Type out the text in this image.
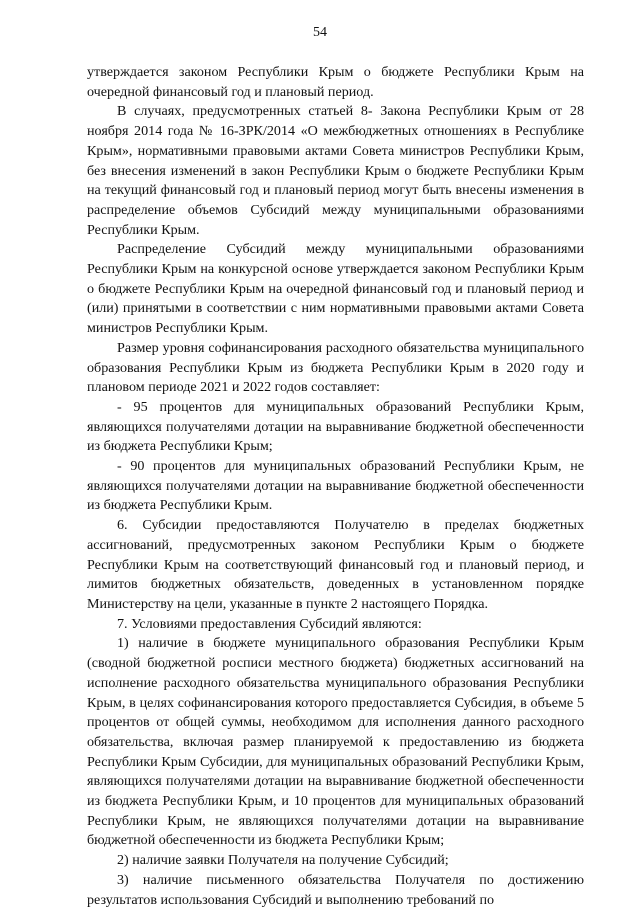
54

утверждается законом Республики Крым о бюджете Республики Крым на очередной финансовый год и плановый период.

В случаях, предусмотренных статьей 8- Закона Республики Крым от 28 ноября 2014 года № 16-ЗРК/2014 «О межбюджетных отношениях в Республике Крым», нормативными правовыми актами Совета министров Республики Крым, без внесения изменений в закон Республики Крым о бюджете Республики Крым на текущий финансовый год и плановый период могут быть внесены изменения в распределение объемов Субсидий между муниципальными образованиями Республики Крым.

Распределение Субсидий между муниципальными образованиями Республики Крым на конкурсной основе утверждается законом Республики Крым о бюджете Республики Крым на очередной финансовый год и плановый период и (или) принятыми в соответствии с ним нормативными правовыми актами Совета министров Республики Крым.

Размер уровня софинансирования расходного обязательства муниципального образования Республики Крым из бюджета Республики Крым в 2020 году и плановом периоде 2021 и 2022 годов составляет:

- 95 процентов для муниципальных образований Республики Крым, являющихся получателями дотации на выравнивание бюджетной обеспеченности из бюджета Республики Крым;

- 90 процентов для муниципальных образований Республики Крым, не являющихся получателями дотации на выравнивание бюджетной обеспеченности из бюджета Республики Крым.

6. Субсидии предоставляются Получателю в пределах бюджетных ассигнований, предусмотренных законом Республики Крым о бюджете Республики Крым на соответствующий финансовый год и плановый период, и лимитов бюджетных обязательств, доведенных в установленном порядке Министерству на цели, указанные в пункте 2 настоящего Порядка.

7. Условиями предоставления Субсидий являются:

1) наличие в бюджете муниципального образования Республики Крым (сводной бюджетной росписи местного бюджета) бюджетных ассигнований на исполнение расходного обязательства муниципального образования Республики Крым, в целях софинансирования которого предоставляется Субсидия, в объеме 5 процентов от общей суммы, необходимом для исполнения данного расходного обязательства, включая размер планируемой к предоставлению из бюджета Республики Крым Субсидии, для муниципальных образований Республики Крым, являющихся получателями дотации на выравнивание бюджетной обеспеченности из бюджета Республики Крым, и 10 процентов для муниципальных образований Республики Крым, не являющихся получателями дотации на выравнивание бюджетной обеспеченности из бюджета Республики Крым;

2) наличие заявки Получателя на получение Субсидий;

3) наличие письменного обязательства Получателя по достижению результатов использования Субсидий и выполнению требований по
